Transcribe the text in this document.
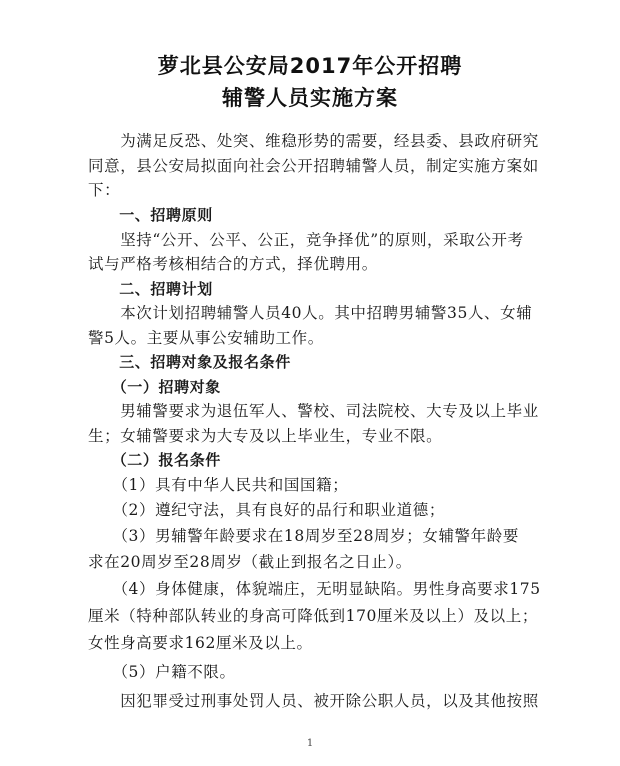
萝北县公安局2017年公开招聘
辅警人员实施方案
　　为满足反恐、处突、维稳形势的需要，经县委、县政府研究
同意，县公安局拟面向社会公开招聘辅警人员，制定实施方案如
下：
　　一、招聘原则
　　坚持“公开、公平、公正，竞争择优”的原则，采取公开考
试与严格考核相结合的方式，择优聘用。
　　二、招聘计划
　　本次计划招聘辅警人员40人。其中招聘男辅警35人、女辅
警5人。主要从事公安辅助工作。
　　三、招聘对象及报名条件
　　（一）招聘对象
　　男辅警要求为退伍军人、警校、司法院校、大专及以上毕业
生；女辅警要求为大专及以上毕业生，专业不限。
　　（二）报名条件
　　（1）具有中华人民共和国国籍；
　　（2）遵纪守法，具有良好的品行和职业道德；
　　（3）男辅警年龄要求在18周岁至28周岁；女辅警年龄要
求在20周岁至28周岁（截止到报名之日止）。
　　（4）身体健康，体貌端庄，无明显缺陷。男性身高要求175
厘米（特种部队转业的身高可降低到170厘米及以上）及以上；
女性身高要求162厘米及以上。
　　（5）户籍不限。
　　因犯罪受过刑事处罚人员、被开除公职人员，以及其他按照
1
